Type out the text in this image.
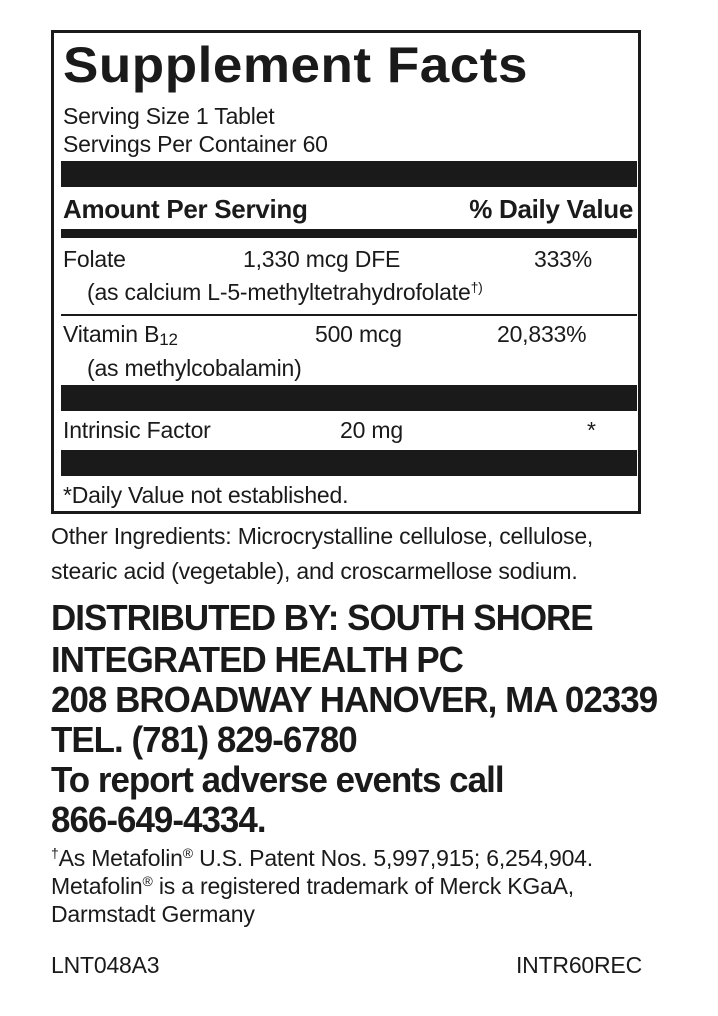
Supplement Facts
Serving Size 1 Tablet
Servings Per Container 60
Amount Per Serving	% Daily Value
Folate	1,330 mcg DFE	333%
(as calcium L-5-methyltetrahydrofolate†)
Vitamin B12	500 mcg	20,833%
(as methylcobalamin)
Intrinsic Factor	20 mg	*
*Daily Value not established.
Other Ingredients: Microcrystalline cellulose, cellulose,
stearic acid (vegetable), and croscarmellose sodium.
DISTRIBUTED BY: SOUTH SHORE
INTEGRATED HEALTH PC
208 BROADWAY HANOVER, MA 02339
TEL. (781) 829-6780
To report adverse events call
866-649-4334.
†As Metafolin® U.S. Patent Nos. 5,997,915; 6,254,904.
Metafolin® is a registered trademark of Merck KGaA,
Darmstadt Germany
LNT048A3	INTR60REC
